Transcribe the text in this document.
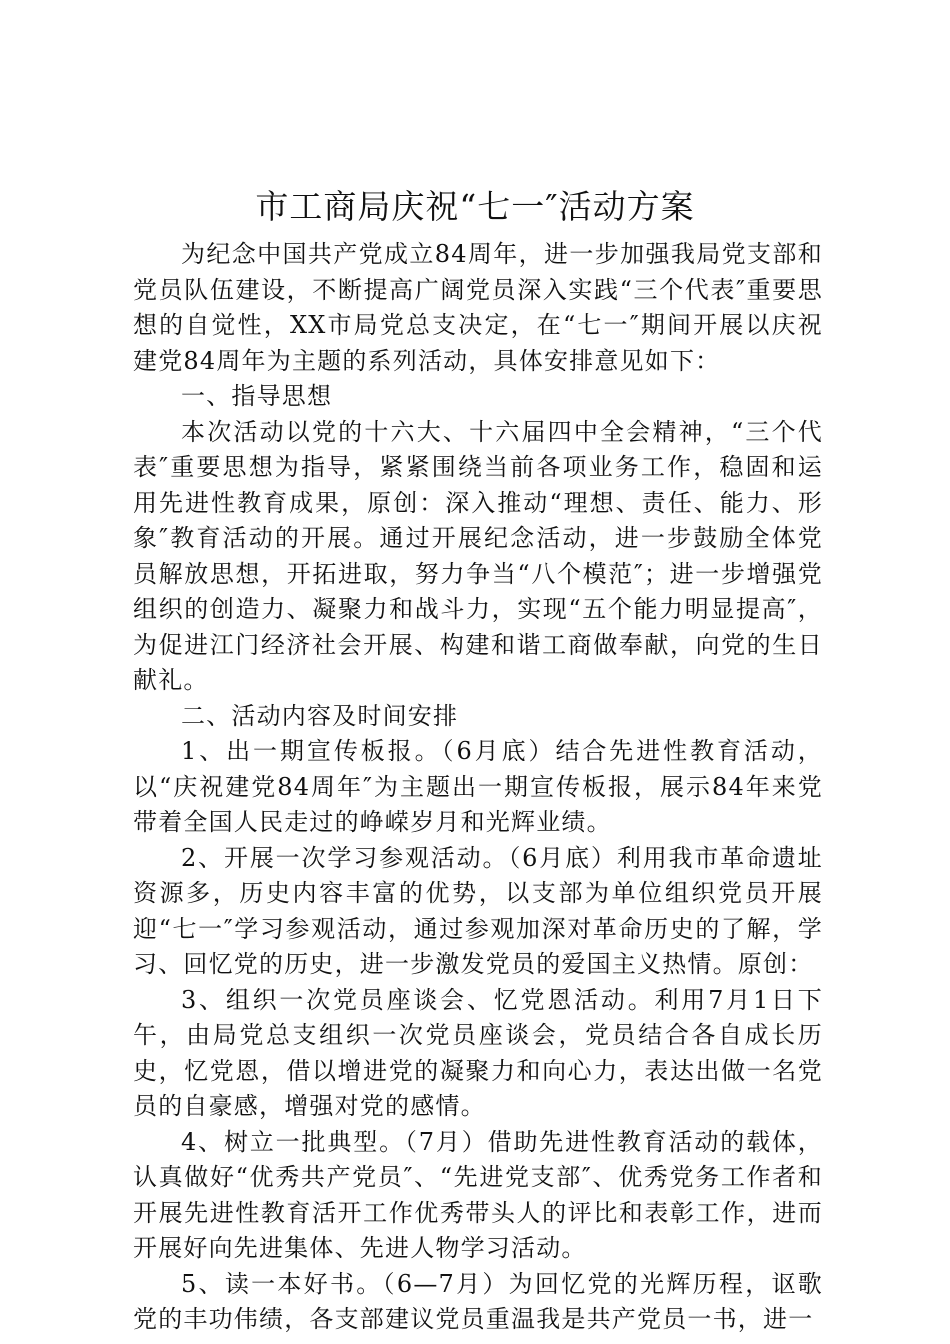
市工商局庆祝“七一″活动方案

为纪念中国共产党成立84周年，进一步加强我局党支部和党员队伍建设，不断提高广阔党员深入实践“三个代表″重要思想的自觉性，XX市局党总支决定，在“七一″期间开展以庆祝建党84周年为主题的系列活动，具体安排意见如下：

一、指导思想

本次活动以党的十六大、十六届四中全会精神，“三个代表″重要思想为指导，紧紧围绕当前各项业务工作，稳固和运用先进性教育成果，原创：深入推动“理想、责任、能力、形象″教育活动的开展。通过开展纪念活动，进一步鼓励全体党员解放思想，开拓进取，努力争当“八个模范″；进一步增强党组织的创造力、凝聚力和战斗力，实现“五个能力明显提高″，为促进江门经济社会开展、构建和谐工商做奉献，向党的生日献礼。

二、活动内容及时间安排

1、出一期宣传板报。（6月底）结合先进性教育活动，以“庆祝建党84周年″为主题出一期宣传板报，展示84年来党带着全国人民走过的峥嵘岁月和光辉业绩。

2、开展一次学习参观活动。（6月底）利用我市革命遗址资源多，历史内容丰富的优势，以支部为单位组织党员开展迎“七一″学习参观活动，通过参观加深对革命历史的了解，学习、回忆党的历史，进一步激发党员的爱国主义热情。原创：

3、组织一次党员座谈会、忆党恩活动。利用7月1日下午，由局党总支组织一次党员座谈会，党员结合各自成长历史，忆党恩，借以增进党的凝聚力和向心力，表达出做一名党员的自豪感，增强对党的感情。

4、树立一批典型。（7月）借助先进性教育活动的载体，认真做好“优秀共产党员″、“先进党支部″、优秀党务工作者和开展先进性教育活开工作优秀带头人的评比和表彰工作，进而开展好向先进集体、先进人物学习活动。

5、读一本好书。（6—7月）为回忆党的光辉历程，讴歌党的丰功伟绩，各支部建议党员重温我是共产党员一书，进一
